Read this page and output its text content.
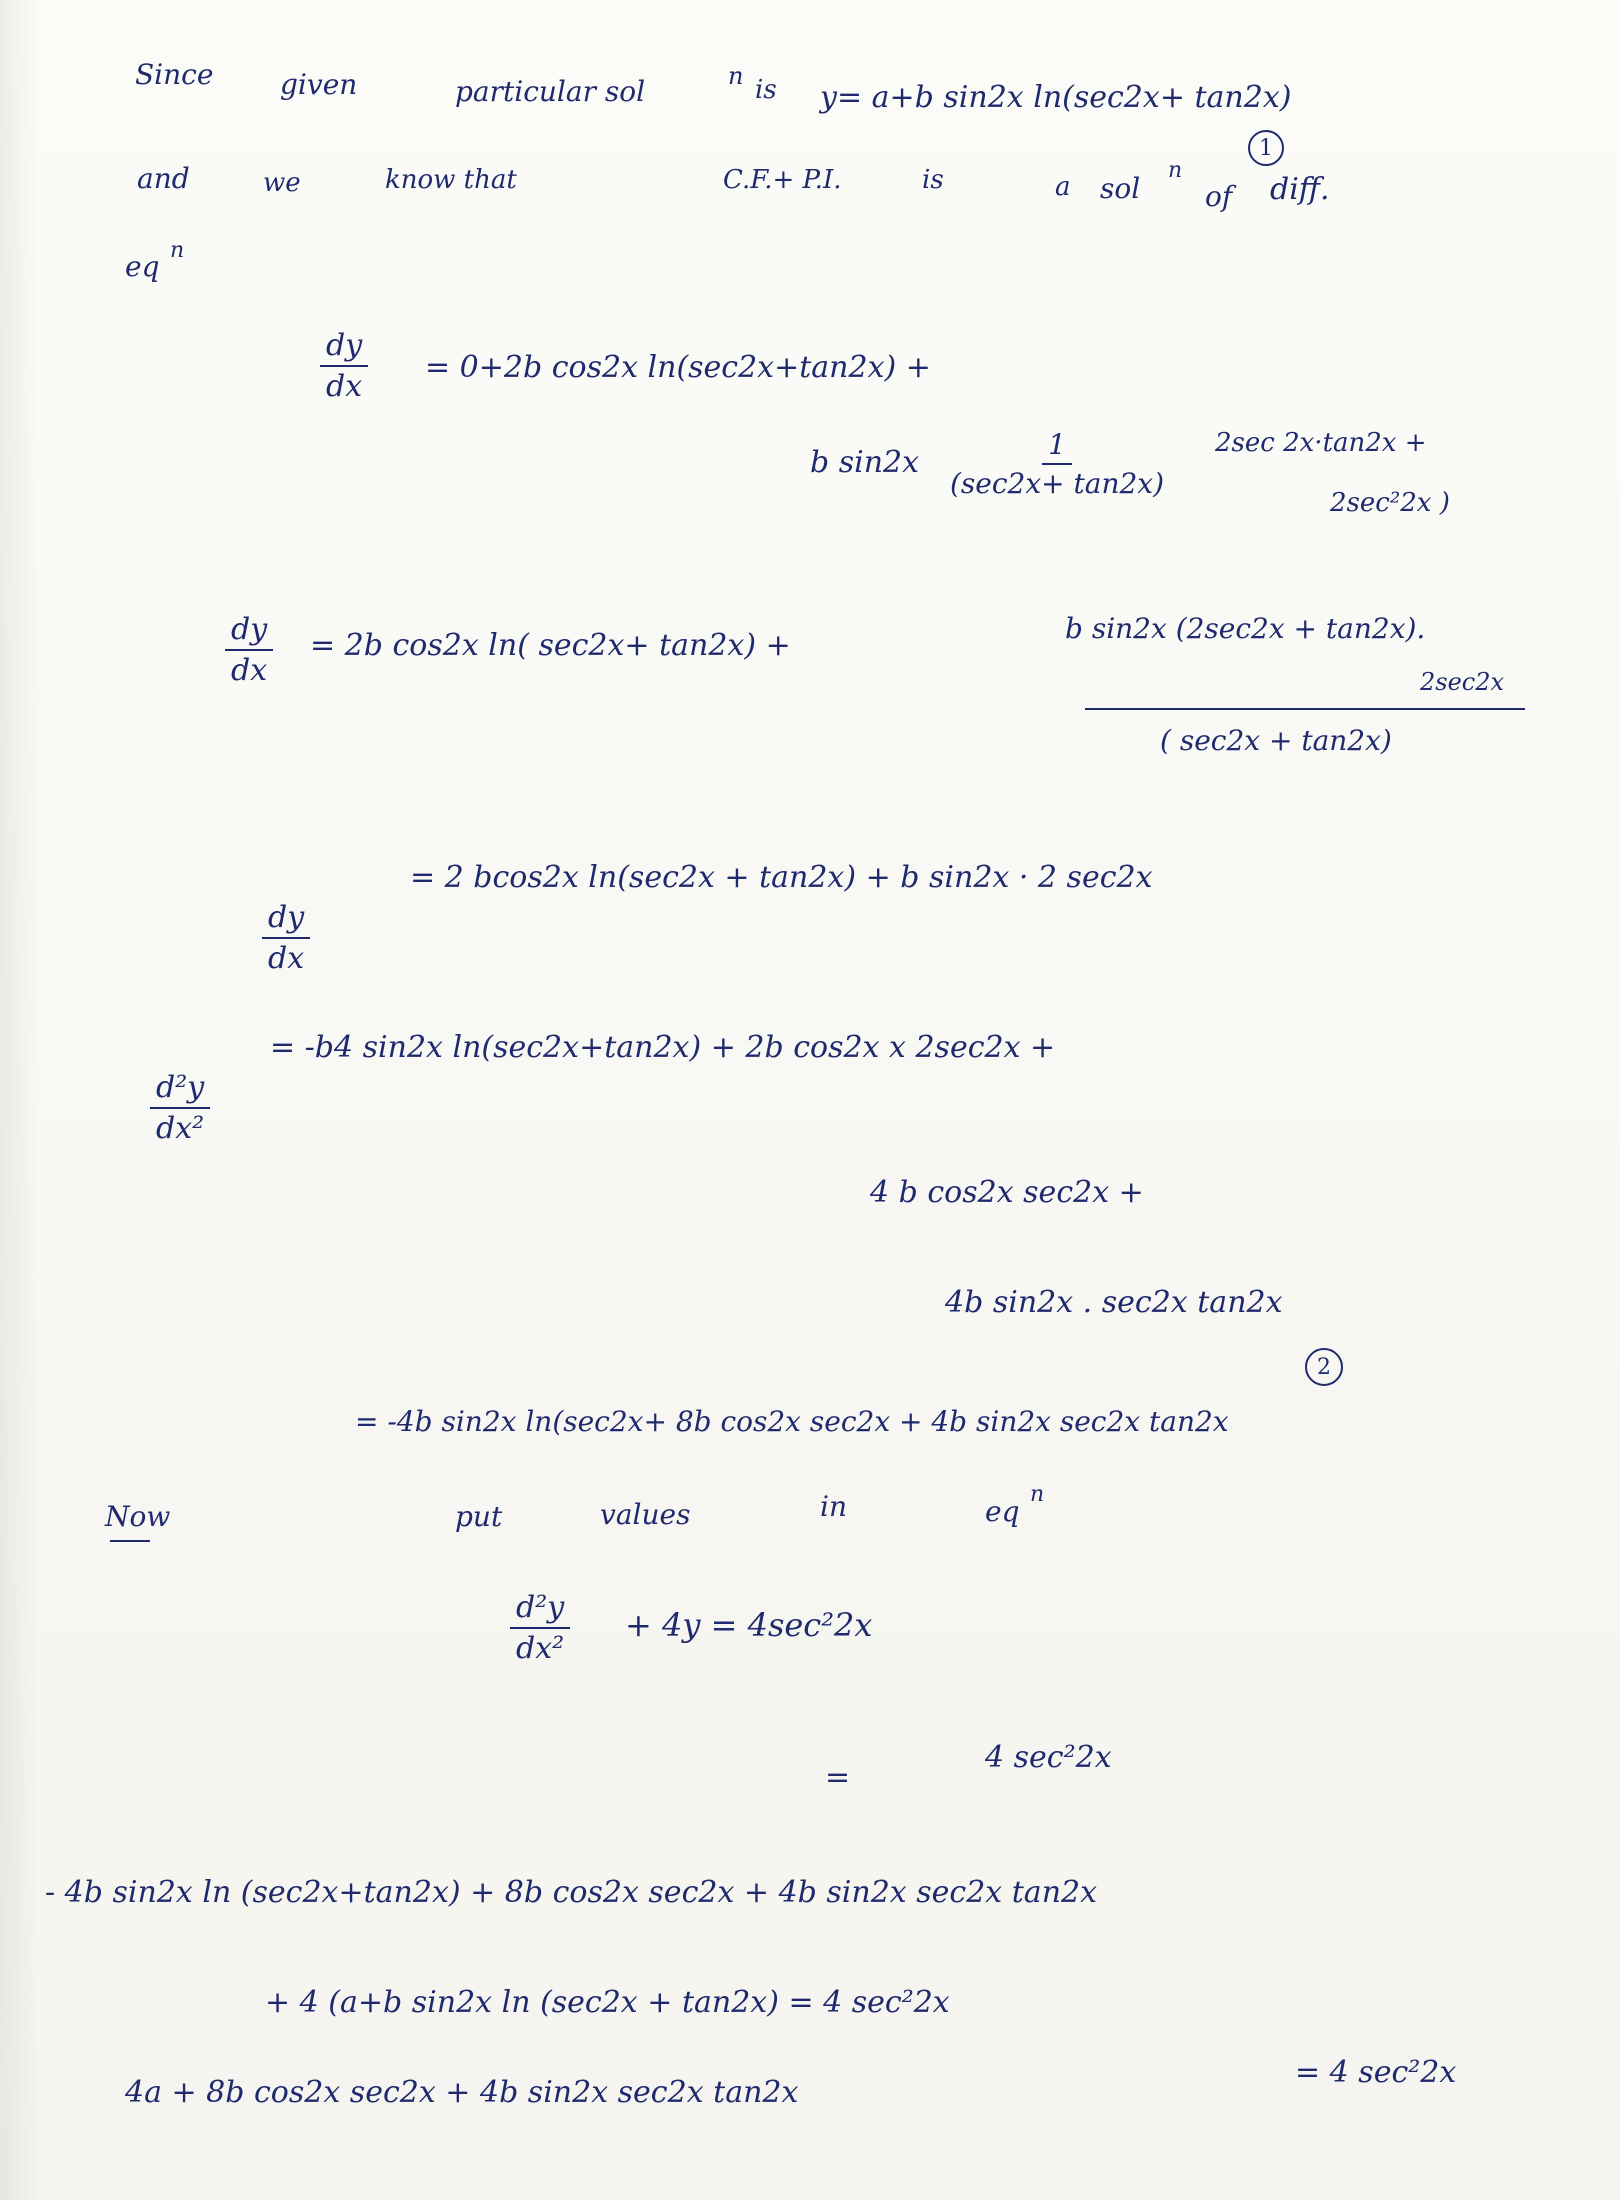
Since given	particular sol	n is y= a+b sin2x ln(sec2x+ tan2x)
1
and	we	know that	C.F.+ P.I.	is	a sol
n
of diff.
eq n
$\frac{dy}{dx} = 0+2b$ cos2x ln(sec2x+tan2x) +
b sin2x
1
(sec2x+ tan2x)
2sec 2x·tan2x +
2sec²2x )
$\frac{dy}{dx} = 2b$ cos2x ln( sec2x+ tan2x) +	b sin2x (2sec2x + tan2x).
2sec2x
( sec2x + tan2x)
$\frac{dy}{dx}$
= 2 bcos2x ln(sec2x + tan2x) + b sin2x · 2 sec2x
$\frac{\text{d²y}}{\text{dx²}}$
= -b4 sin2x ln(sec2x+tan2x) + 2b cos2x x 2sec2x +
4 b cos2x sec2x +
4b sin2x . sec2x tan2x
2
= -4b sin2x ln(sec2x+ 8b cos2x sec2x + 4b sin2x sec2x tan2x
Now	put	values	in	eq
n
$\frac{\text{d²y}}{\text{dx²}} + 4y = 4\sec^22x$
=
4 sec²2x
- 4b sin2x ln (sec2x+tan2x) + 8b cos2x sec2x + 4b sin2x sec2x tan2x
+ 4 (a+b sin2x ln (sec2x + tan2x) = 4 sec²2x
4a + 8b cos2x sec2x + 4b sin2x sec2x tan2x
= 4 sec²2x
